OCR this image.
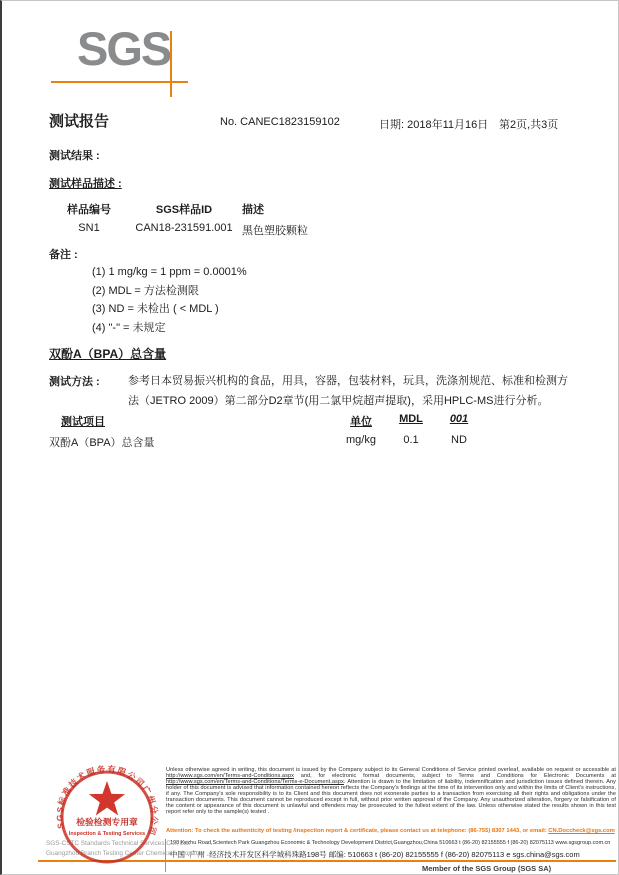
SGS
测试报告	No. CANEC1823159102	日期: 2018年11月16日 第2页,共3页
测试结果 :
测试样品描述 :
样品编号	SGS样品ID	描述
SN1	CAN18-231591.001 黑色塑胶颗粒
备注 :
(1) 1 mg/kg = 1 ppm = 0.0001%
(2) MDL = 方法检测限
(3) ND = 未检出 ( < MDL )
(4) "-" = 未规定
双酚A（BPA）总含量
测试方法 :	参考日本贸易振兴机构的食品，用具，容器，包装材料，玩具，洗涤剂规范、标准和检测方
法（JETRO 2009）第二部分D2章节(用二氯甲烷超声提取)，采用HPLC-MS进行分析。
测试项目	单位	MDL	001
双酚A（BPA）总含量	mg/kg	0.1	ND
Unless otherwise agreed in writing, this document is issued by the Company subject to its General Conditions of Service printed overleaf, available on request or accessible at http://www.sgs.com/en/Terms-and-Conditions.aspx and, for electronic format documents, subject to Terms and Conditions for Electronic Documents at http://www.sgs.com/en/Terms-and-Conditions/Terms-e-Document.aspx. Attention is drawn to the limitation of liability, indemnification and jurisdiction issues defined therein. Any holder of this document is advised that information contained hereon reflects the Company's findings at the time of its intervention only and within the limits of Client's instructions, if any. The Company's sole responsibility is to its Client and this document does not exonerate parties to a transaction from exercising all their rights and obligations under the transaction documents. This document cannot be reproduced except in full, without prior written approval of the Company. Any unauthorized alteration, forgery or falsification of the content or appearance of this document is unlawful and offenders may be prosecuted to the fullest extent of the law. Unless otherwise stated the results shown in this test report refer only to the sample(s) tested .
Attention: To check the authenticity of testing /inspection report & certificate, please contact us at telephone: (86-755) 8307 1443, or email: CN.Doccheck@sgs.com
198 Kezhu Road,Scientech Park Guangzhou Economic & Technology Development District,Guangzhou,China 510663 t (86-20) 82155555 f (86-20) 82075113 www.sgsgroup.com.cn
中国 ·广州 ·经济技术开发区科学城科珠路198号 邮编: 510663 t (86-20) 82155555 f (86-20) 82075113 e sgs.china@sgs.com
Member of the SGS Group (SGS SA)
SGS-CSTC Standards Technical Services Co., Ltd.
Guangzhou Branch Testing Center Chemical Laboratory
SGS标准技术服务有限公司广州分公司
检验检测专用章
Inspection & Testing Services
